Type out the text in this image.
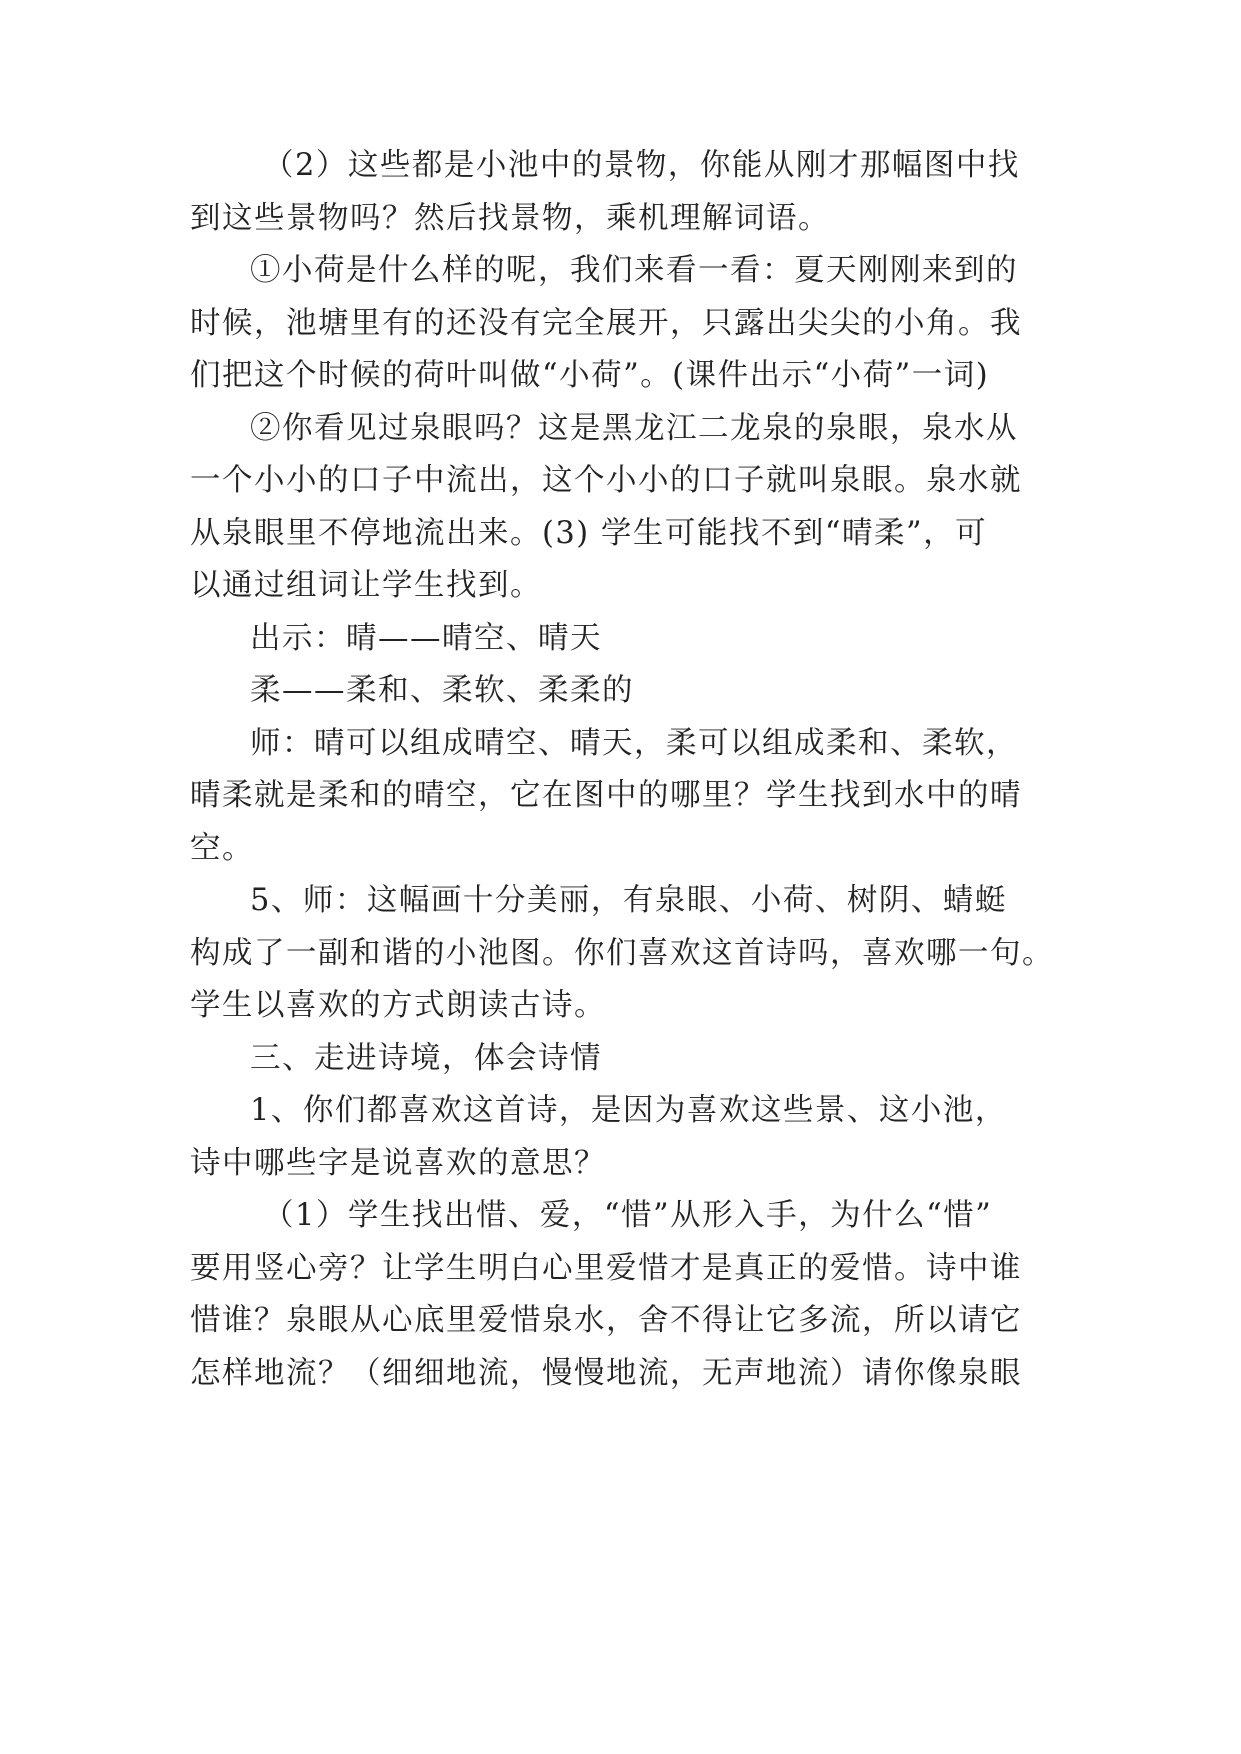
（2）这些都是小池中的景物，你能从刚才那幅图中找
到这些景物吗？然后找景物，乘机理解词语。
①小荷是什么样的呢，我们来看一看：夏天刚刚来到的
时候，池塘里有的还没有完全展开，只露出尖尖的小角。我
们把这个时候的荷叶叫做“小荷”。(课件出示“小荷”一词)
②你看见过泉眼吗？这是黑龙江二龙泉的泉眼，泉水从
一个小小的口子中流出，这个小小的口子就叫泉眼。泉水就
从泉眼里不停地流出来。(3) 学生可能找不到“晴柔”，可
以通过组词让学生找到。
出示：晴——晴空、晴天
柔——柔和、柔软、柔柔的
师：晴可以组成晴空、晴天，柔可以组成柔和、柔软，
晴柔就是柔和的晴空，它在图中的哪里？学生找到水中的晴
空。
5、师：这幅画十分美丽，有泉眼、小荷、树阴、蜻蜓
构成了一副和谐的小池图。你们喜欢这首诗吗，喜欢哪一句。
学生以喜欢的方式朗读古诗。
三、走进诗境，体会诗情
1、你们都喜欢这首诗，是因为喜欢这些景、这小池，
诗中哪些字是说喜欢的意思？
（1）学生找出惜、爱，“惜”从形入手，为什么“惜”
要用竖心旁？让学生明白心里爱惜才是真正的爱惜。诗中谁
惜谁？泉眼从心底里爱惜泉水，舍不得让它多流，所以请它
怎样地流？（细细地流，慢慢地流，无声地流）请你像泉眼
